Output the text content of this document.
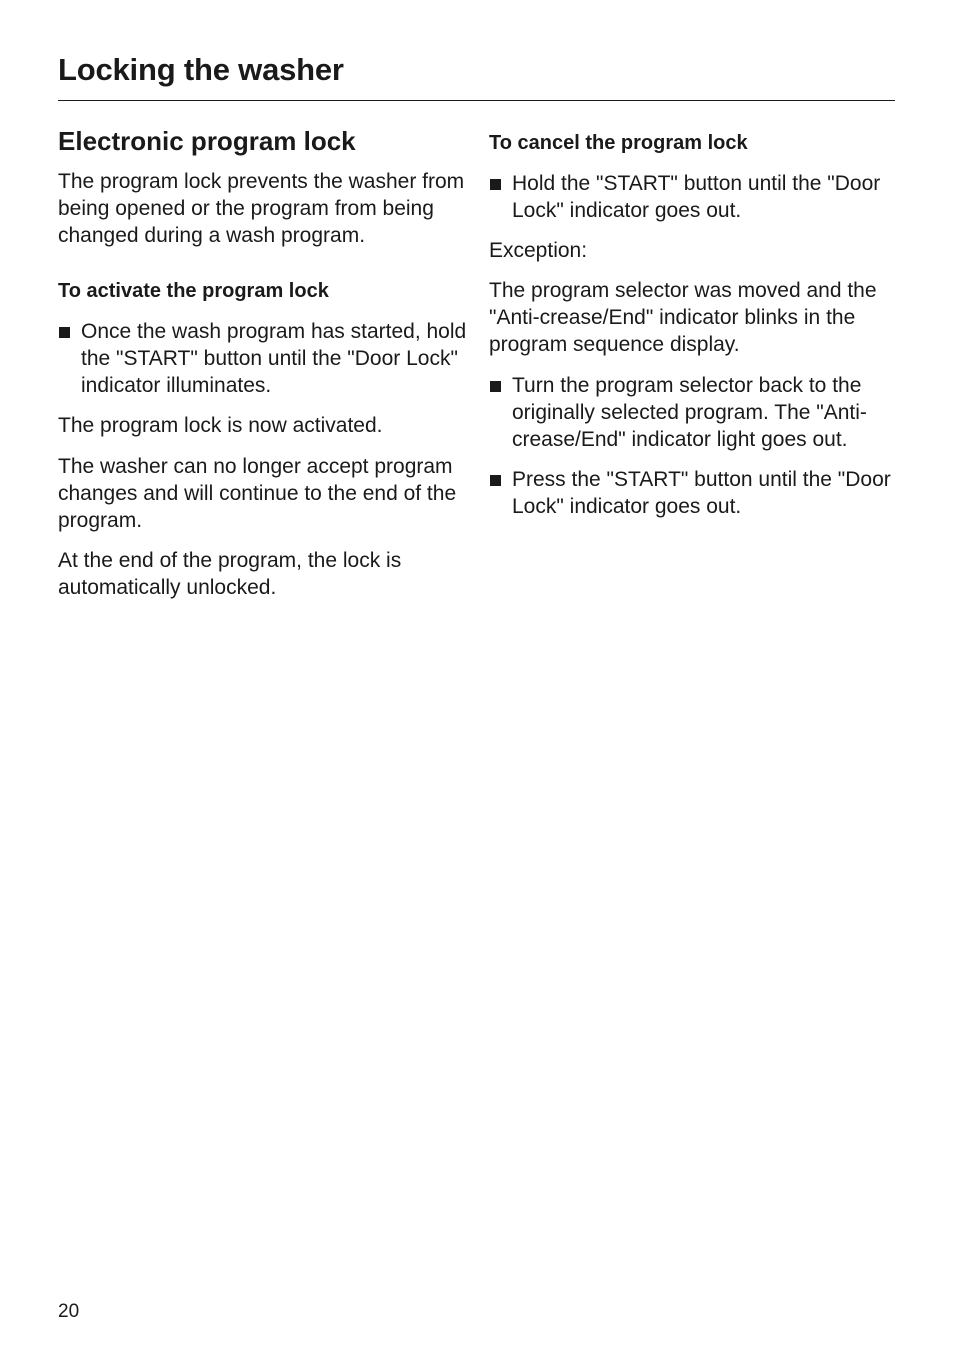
Locking the washer
Electronic program lock

The program lock prevents the washer from being opened or the program from being changed during a wash program.

To activate the program lock
Once the wash program has started, hold the "START" button until the "Door Lock" indicator illuminates.

The program lock is now activated.

The washer can no longer accept program changes and will continue to the end of the program.

At the end of the program, the lock is automatically unlocked.

To cancel the program lock
Hold the "START" button until the "Door Lock" indicator goes out.

Exception:

The program selector was moved and the "Anti-crease/End" indicator blinks in the program sequence display.

Turn the program selector back to the originally selected program. The "Anti-crease/End" indicator light goes out.
Press the "START" button until the "Door Lock" indicator goes out.
20
